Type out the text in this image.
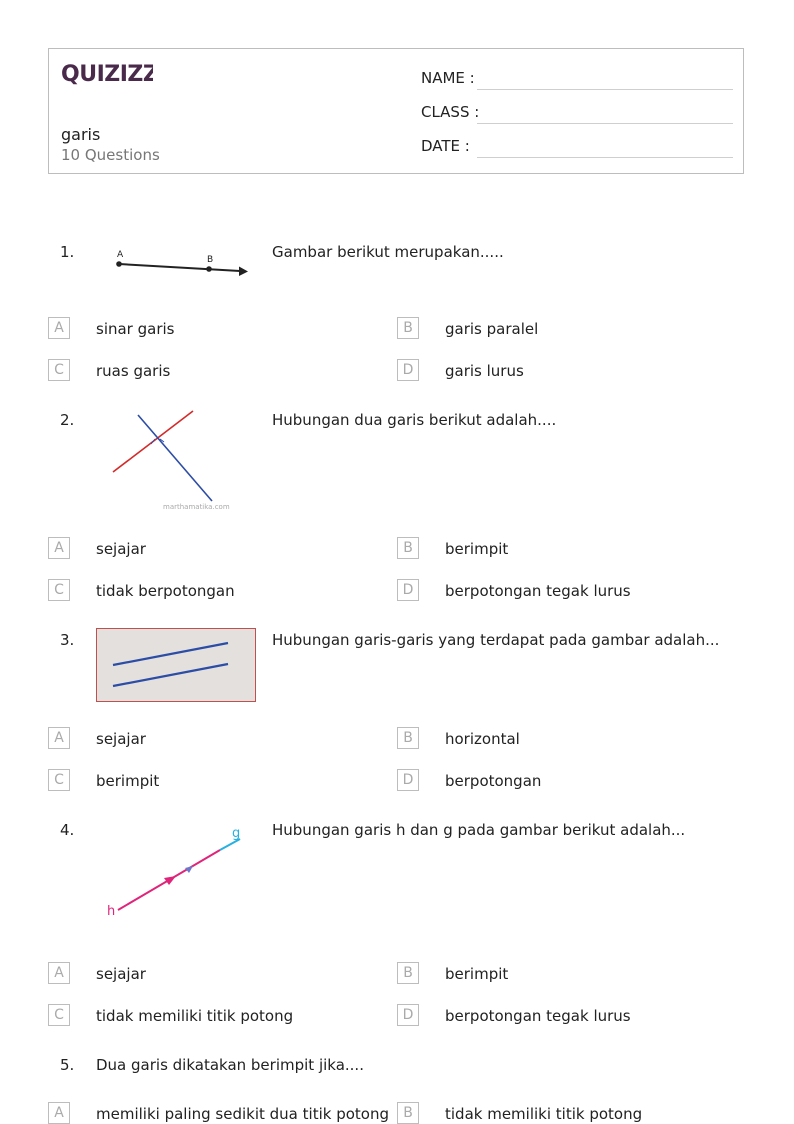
QUIZIZZ
garis
10 Questions
NAME :
CLASS :
DATE :
1.	A	B	Gambar berikut merupakan.....
A	sinar garis	B	garis paralel
C	ruas garis	D	garis lurus
2.
marthamatika.com
Hubungan dua garis berikut adalah....
A	sejajar	B	berimpit
C	tidak berpotongan	D	berpotongan tegak lurus
3.	Hubungan garis-garis yang terdapat pada gambar adalah...
A	sejajar	B	horizontal
C	berimpit	D	berpotongan
4.	g
h
Hubungan garis h dan g pada gambar berikut adalah...
A	sejajar	B	berimpit
C	tidak memiliki titik potong	D	berpotongan tegak lurus
5. Dua garis dikatakan berimpit jika....
A	memiliki paling sedikit dua titik potong	B	tidak memiliki titik potong
